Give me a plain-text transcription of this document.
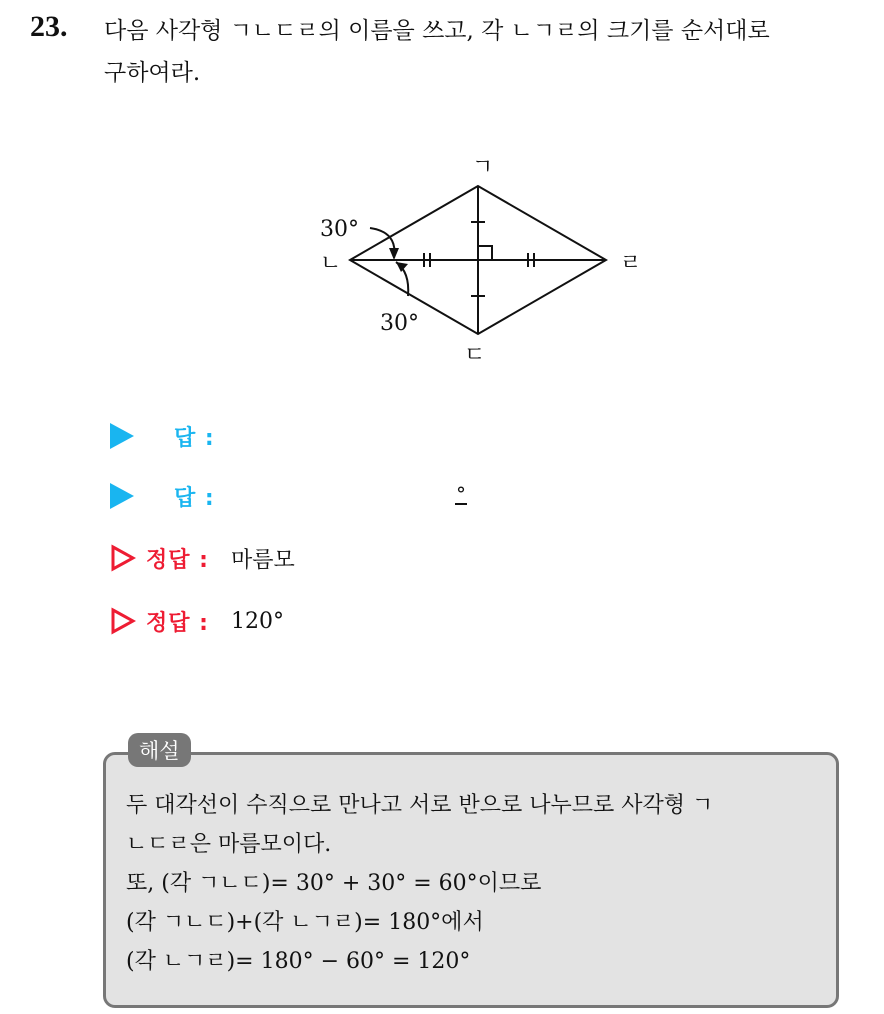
23. 다음 사각형 ㄱㄴㄷㄹ의 이름을 쓰고, 각 ㄴㄱㄹ의 크기를 순서대로
구하여라.
ㄱ
ㄴ
ㄷ
ㄹ
30°
30°
답 :
답 :	°
정답 : 마름모
정답 : 120°
해설
두 대각선이 수직으로 만나고 서로 반으로 나누므로 사각형 ㄱ
ㄴㄷㄹ은 마름모이다.
또, (각 ㄱㄴㄷ)= 30° + 30° = 60°이므로
(각 ㄱㄴㄷ)+(각 ㄴㄱㄹ)= 180°에서
(각 ㄴㄱㄹ)= 180° − 60° = 120°
